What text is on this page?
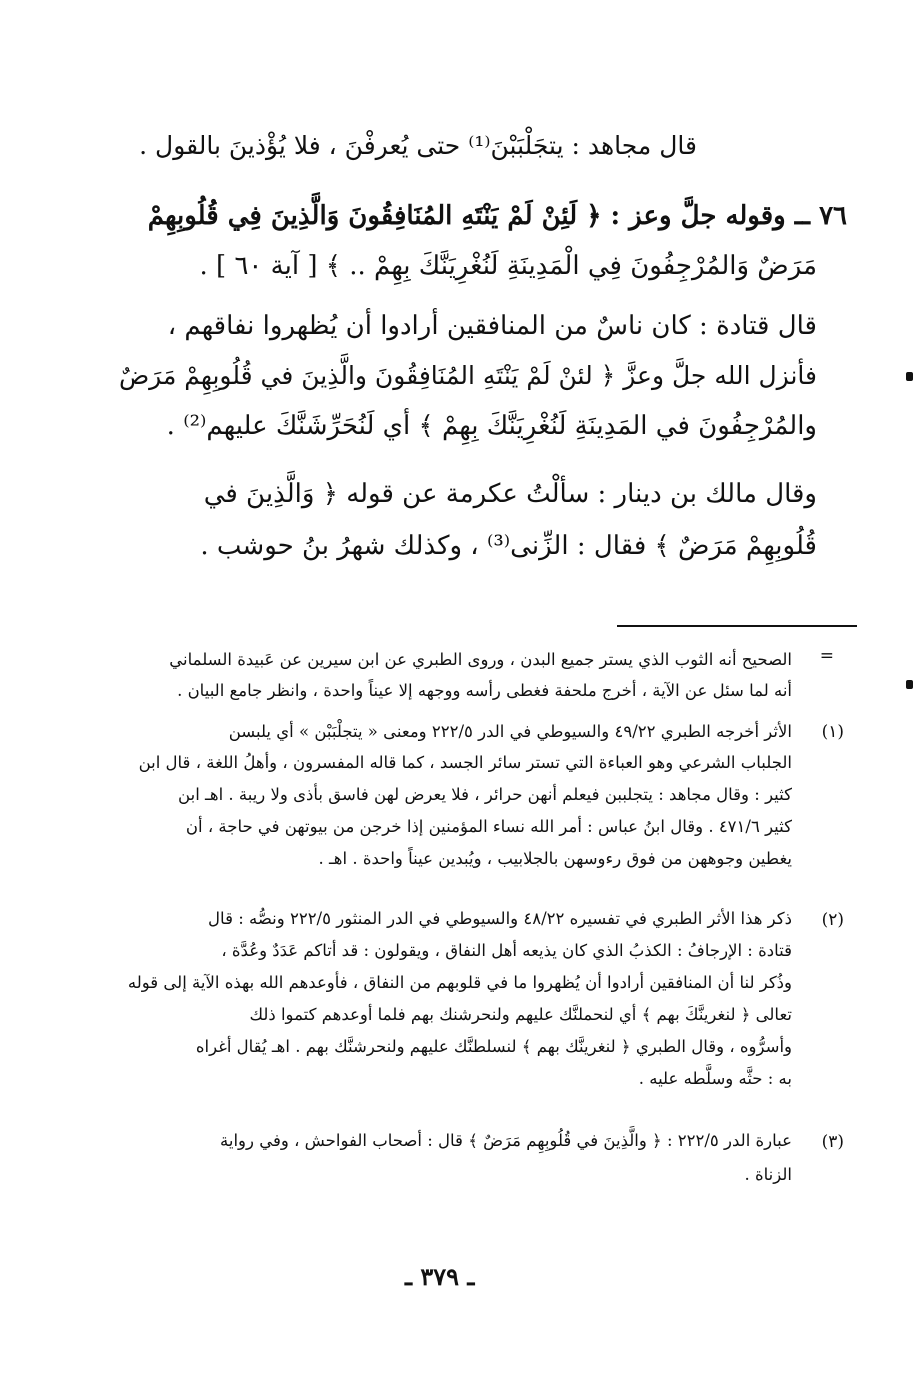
قال مجاهد : يتجَلْبَبْنَ⁽¹⁾ حتى يُعرفْنَ ، فلا يُؤْذينَ بالقول .
٧٦ ــ وقوله جلَّ وعز : ﴿ لَئِنْ لَمْ يَنْتَهِ المُنَافِقُونَ وَالَّذِينَ فِي قُلُوبِهِمْ
مَرَضٌ وَالمُرْجِفُونَ فِي الْمَدِينَةِ لَنُغْرِيَنَّكَ بِهِمْ .. ﴾ [ آية ٦٠ ] .
قال قتادة : كان ناسٌ من المنافقين أرادوا أن يُظهروا نفاقهم ،
فأنزل الله جلَّ وعزَّ ﴿ لئنْ لَمْ يَنْتَهِ المُنَافِقُونَ والَّذِينَ في قُلُوبِهِمْ مَرَضٌ
والمُرْجِفُونَ في المَدِينَةِ لَنُغْرِيَنَّكَ بِهِمْ ﴾ أي لَنُحَرِّشَنَّكَ عليهم⁽²⁾ .
وقال مالك بن دينار : سألْتُ عكرمة عن قوله ﴿ وَالَّذِينَ في
قُلُوبِهِمْ مَرَضٌ ﴾ فقال : الزِّنى⁽³⁾ ، وكذلك شهرُ بنُ حوشب .
=
الصحيح أنه الثوب الذي يستر جميع البدن ، وروى الطبري عن ابن سيرين عن عَبيدة السلماني
أنه لما سئل عن الآية ، أخرج ملحفة فغطى رأسه ووجهه إلا عيناً واحدة ، وانظر جامع البيان .
(١)
الأثر أخرجه الطبري ٤٩/٢٢ والسيوطي في الدر ٢٢٢/٥ ومعنى « يتجلْبَبْن » أي يلبسن
الجلباب الشرعي وهو العباءة التي تستر سائر الجسد ، كما قاله المفسرون ، وأهلُ اللغة ، قال ابن
كثير : وقال مجاهد : يتجلببن فيعلم أنهن حرائر ، فلا يعرض لهن فاسق بأذى ولا ريبة . اهـ ابن
كثير ٤٧١/٦ . وقال ابنُ عباس : أمر الله نساء المؤمنين إذا خرجن من بيوتهن في حاجة ، أن
يغطين وجوههن من فوق رءوسهن بالجلابيب ، ويُبدين عيناً واحدة . اهـ .
(٢)
ذكر هذا الأثر الطبري في تفسيره ٤٨/٢٢ والسيوطي في الدر المنثور ٢٢٢/٥ ونصُّه : قال
قتادة : الإرجافُ : الكذبُ الذي كان يذيعه أهل النفاق ، ويقولون : قد أتاكم عَدَدٌ وعُدَّة ،
وذُكر لنا أن المنافقين أرادوا أن يُظهروا ما في قلوبهم من النفاق ، فأوعدهم الله بهذه الآية إلى قوله
تعالى ﴿ لنغرينَّكَ بهم ﴾ أي لنحملنَّك عليهم ولنحرشنك بهم فلما أوعدهم كتموا ذلك
وأسرُّوه ، وقال الطبري ﴿ لنغرينَّك بهم ﴾ لنسلطنَّك عليهم ولنحرشنَّك بهم . اهـ يُقال أغراه
به : حثَّه وسلَّطه عليه .
(٣)
عبارة الدر ٢٢٢/٥ : ﴿ والَّذِينَ في قُلُوبِهِم مَرَضٌ ﴾ قال : أصحاب الفواحش ، وفي رواية
الزناة .
ـ ٣٧٩ ـ
